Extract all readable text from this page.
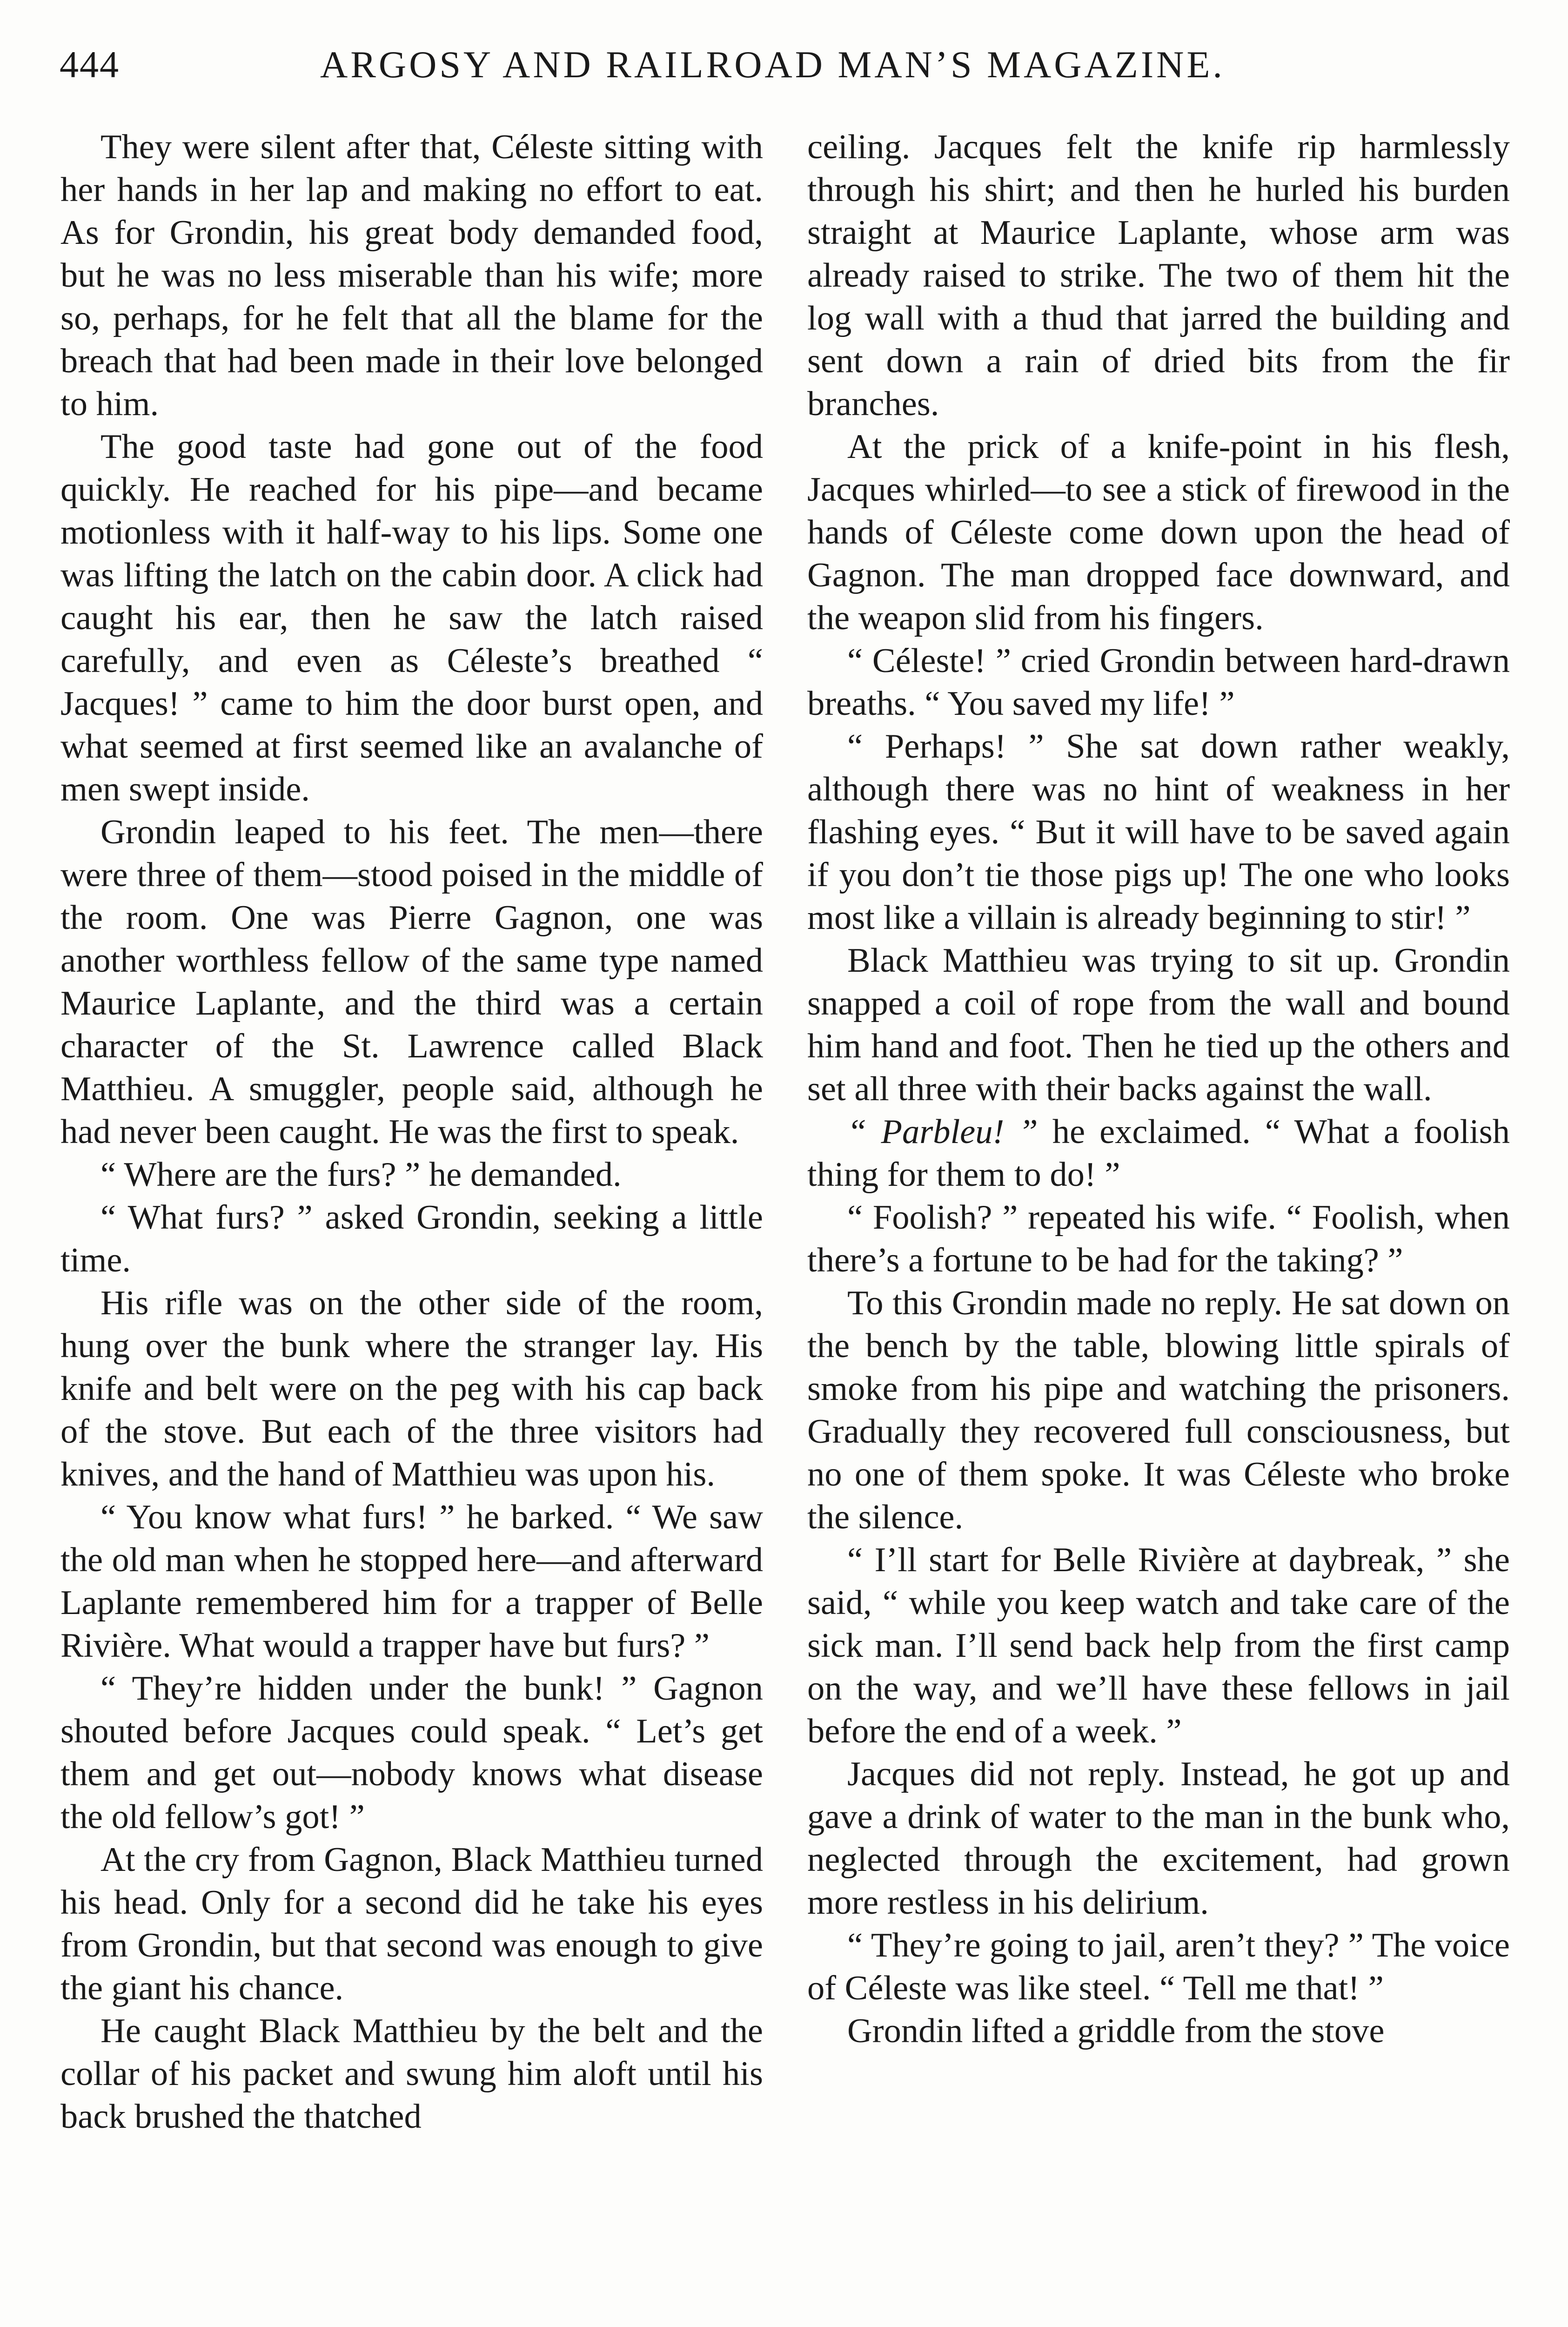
444	ARGOSY AND RAILROAD MAN’S MAGAZINE.

They were silent after that, Céleste sitting with her hands in her lap and making no effort to eat. As for Grondin, his great body demanded food, but he was no less miserable than his wife; more so, perhaps, for he felt that all the blame for the breach that had been made in their love belonged to him.

The good taste had gone out of the food quickly. He reached for his pipe—and became motionless with it half-way to his lips. Some one was lifting the latch on the cabin door. A click had caught his ear, then he saw the latch raised carefully, and even as Céleste’s breathed “ Jacques! ” came to him the door burst open, and what seemed at first seemed like an avalanche of men swept inside.

Grondin leaped to his feet. The men—there were three of them—stood poised in the middle of the room. One was Pierre Gagnon, one was another worthless fellow of the same type named Maurice Laplante, and the third was a certain character of the St. Lawrence called Black Matthieu. A smuggler, people said, although he had never been caught. He was the first to speak.

“ Where are the furs? ” he demanded.

“ What furs? ” asked Grondin, seeking a little time.

His rifle was on the other side of the room, hung over the bunk where the stranger lay. His knife and belt were on the peg with his cap back of the stove. But each of the three visitors had knives, and the hand of Matthieu was upon his.

“ You know what furs! ” he barked. “ We saw the old man when he stopped here—and afterward Laplante remembered him for a trapper of Belle Rivière. What would a trapper have but furs? ”

“ They’re hidden under the bunk! ” Gagnon shouted before Jacques could speak. “ Let’s get them and get out—nobody knows what disease the old fellow’s got! ”

At the cry from Gagnon, Black Matthieu turned his head. Only for a second did he take his eyes from Grondin, but that second was enough to give the giant his chance.

He caught Black Matthieu by the belt and the collar of his packet and swung him aloft until his back brushed the thatched

ceiling. Jacques felt the knife rip harmlessly through his shirt; and then he hurled his burden straight at Maurice Laplante, whose arm was already raised to strike. The two of them hit the log wall with a thud that jarred the building and sent down a rain of dried bits from the fir branches.

At the prick of a knife-point in his flesh, Jacques whirled—to see a stick of firewood in the hands of Céleste come down upon the head of Gagnon. The man dropped face downward, and the weapon slid from his fingers.

“ Céleste! ” cried Grondin between hard-drawn breaths. “ You saved my life! ”

“ Perhaps! ” She sat down rather weakly, although there was no hint of weakness in her flashing eyes. “ But it will have to be saved again if you don’t tie those pigs up! The one who looks most like a villain is already beginning to stir! ”

Black Matthieu was trying to sit up. Grondin snapped a coil of rope from the wall and bound him hand and foot. Then he tied up the others and set all three with their backs against the wall.

“ Parbleu! ” he exclaimed. “ What a foolish thing for them to do! ”

“ Foolish? ” repeated his wife. “ Foolish, when there’s a fortune to be had for the taking? ”

To this Grondin made no reply. He sat down on the bench by the table, blowing little spirals of smoke from his pipe and watching the prisoners. Gradually they recovered full consciousness, but no one of them spoke. It was Céleste who broke the silence.

“ I’ll start for Belle Rivière at daybreak, ” she said, “ while you keep watch and take care of the sick man. I’ll send back help from the first camp on the way, and we’ll have these fellows in jail before the end of a week. ”

Jacques did not reply. Instead, he got up and gave a drink of water to the man in the bunk who, neglected through the excitement, had grown more restless in his delirium.

“ They’re going to jail, aren’t they? ” The voice of Céleste was like steel. “ Tell me that! ”

Grondin lifted a griddle from the stove
